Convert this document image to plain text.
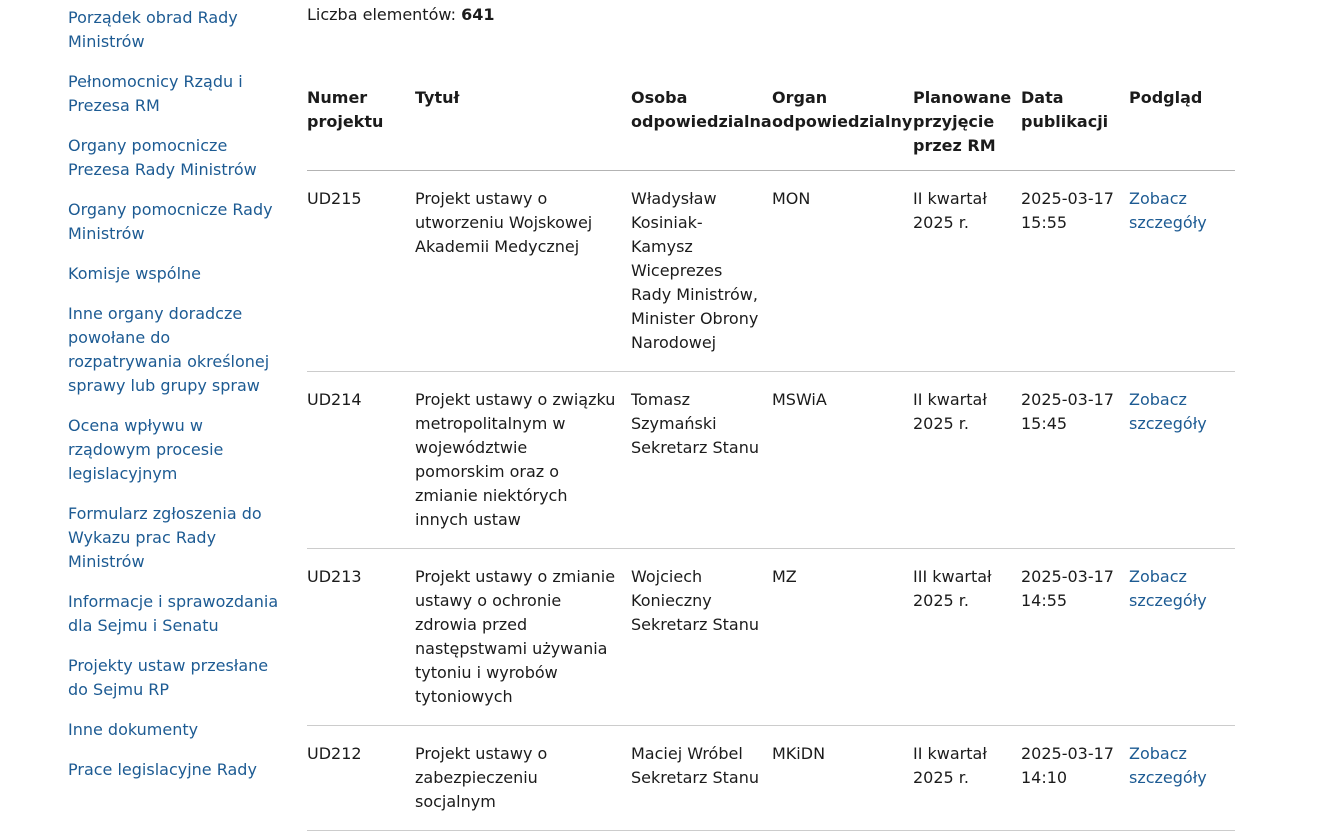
Porządek obrad Rady Ministrów
Pełnomocnicy Rządu i Prezesa RM
Organy pomocnicze Prezesa Rady Ministrów
Organy pomocnicze Rady Ministrów
Komisje wspólne
Inne organy doradcze powołane do rozpatrywania określonej sprawy lub grupy spraw
Ocena wpływu w rządowym procesie legislacyjnym
Formularz zgłoszenia do Wykazu prac Rady Ministrów
Informacje i sprawozdania dla Sejmu i Senatu
Projekty ustaw przesłane do Sejmu RP
Inne dokumenty
Prace legislacyjne Rady
Liczba elementów: 641
Numer projektu	Tytuł	Osoba odpowiedzialna	Organ odpowiedzialny	Planowane przyjęcie przez RM	Data publikacji	Podgląd

UD215	Projekt ustawy o utworzeniu Wojskowej Akademii Medycznej	Władysław Kosiniak-Kamysz Wiceprezes Rady Ministrów, Minister Obrony Narodowej	MON	II kwartał 2025 r.	2025-03-17 15:55	Zobacz szczegóły

UD214	Projekt ustawy o związku metropolitalnym w województwie pomorskim oraz o zmianie niektórych innych ustaw	Tomasz Szymański Sekretarz Stanu	MSWiA	II kwartał 2025 r.	2025-03-17 15:45	Zobacz szczegóły

UD213	Projekt ustawy o zmianie ustawy o ochronie zdrowia przed następstwami używania tytoniu i wyrobów tytoniowych	Wojciech Konieczny Sekretarz Stanu	MZ	III kwartał 2025 r.	2025-03-17 14:55	Zobacz szczegóły

UD212	Projekt ustawy o zabezpieczeniu socjalnym	Maciej Wróbel Sekretarz Stanu	MKiDN	II kwartał 2025 r.	2025-03-17 14:10	Zobacz szczegóły
